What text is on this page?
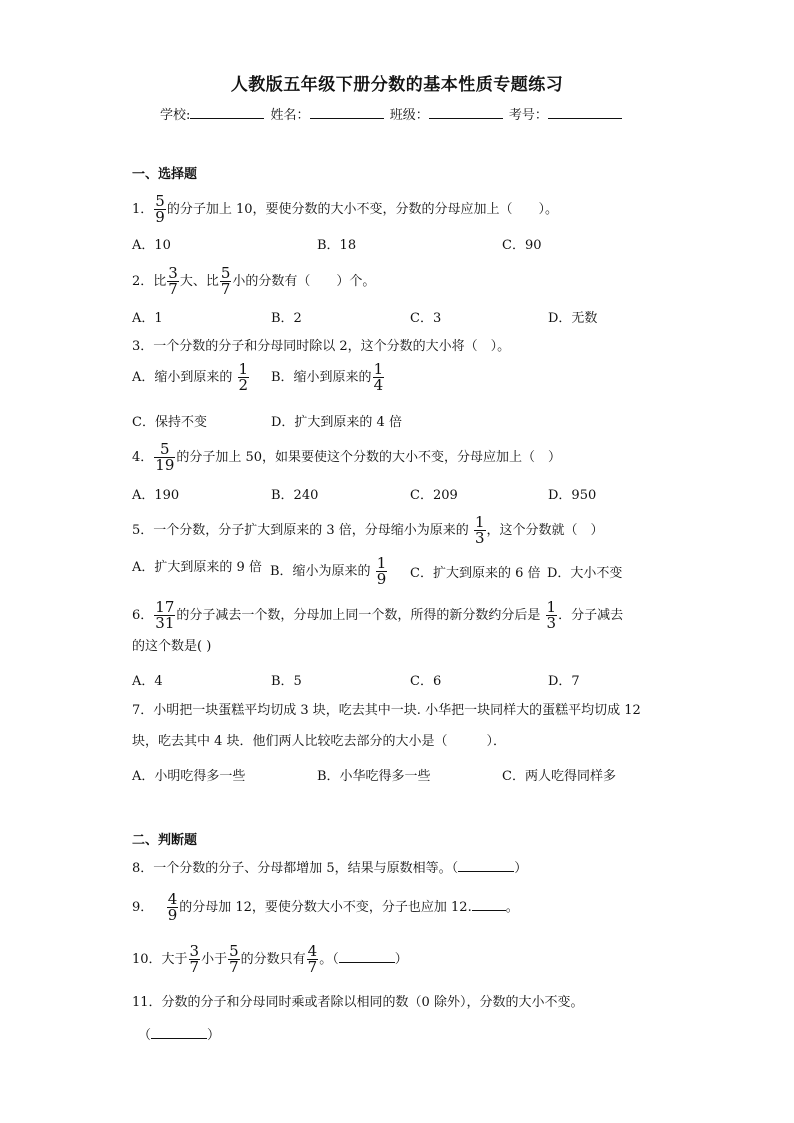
人教版五年级下册分数的基本性质专题练习
学校:	姓名：	班级：	考号：
一、选择题
1． $\frac{5}{9}$ 的分子加上 10，要使分数的大小不变，分数的分母应加上（　　）。
A．10	B．18	C．90
2．比 $\frac{3}{7}$ 大、比 $\frac{5}{7}$ 小的分数有（　　）个。
A．1	B．2	C．3	D．无数
3．一个分数的分子和分母同时除以 2，这个分数的大小将（　）。
A．缩小到原来的 $\frac{1}{2}$ B．缩小到原来的 $\frac{1}{4}$
C．保持不变	D．扩大到原来的 4 倍
4． $\frac{5}{19}$ 的分子加上 50，如果要使这个分数的大小不变，分母应加上（　）
A．190	B．240	C．209	D．950
5．一个分数，分子扩大到原来的 3 倍，分母缩小为原来的 $\frac{1}{3}$ ，这个分数就（　）
A．扩大到原来的 9 倍 B．缩小为原来的 $\frac{1}{9}$ C．扩大到原来的 6 倍 D．大小不变
6． $\frac{17}{31}$ 的分子减去一个数，分母加上同一个数，所得的新分数约分后是 $\frac{1}{3}$ ．分子减去
的这个数是( )
A．4	B．5	C．6	D．7
7．小明把一块蛋糕平均切成 3 块，吃去其中一块. 小华把一块同样大的蛋糕平均切成 12
块，吃去其中 4 块．他们两人比较吃去部分的大小是（　　　）．
A．小明吃得多一些	B．小华吃得多一些	C．两人吃得同样多
二、判断题
8．一个分数的分子、分母都增加 5，结果与原数相等。（	）
9． $\frac{4}{9}$ 的分母加 12，要使分数大小不变，分子也应加 12.	。
10．大于 $\frac{3}{7}$ 小于 $\frac{5}{7}$ 的分数只有 $\frac{4}{7}$ 。（	）
11．分数的分子和分母同时乘或者除以相同的数（0 除外），分数的大小不变。
（	）
